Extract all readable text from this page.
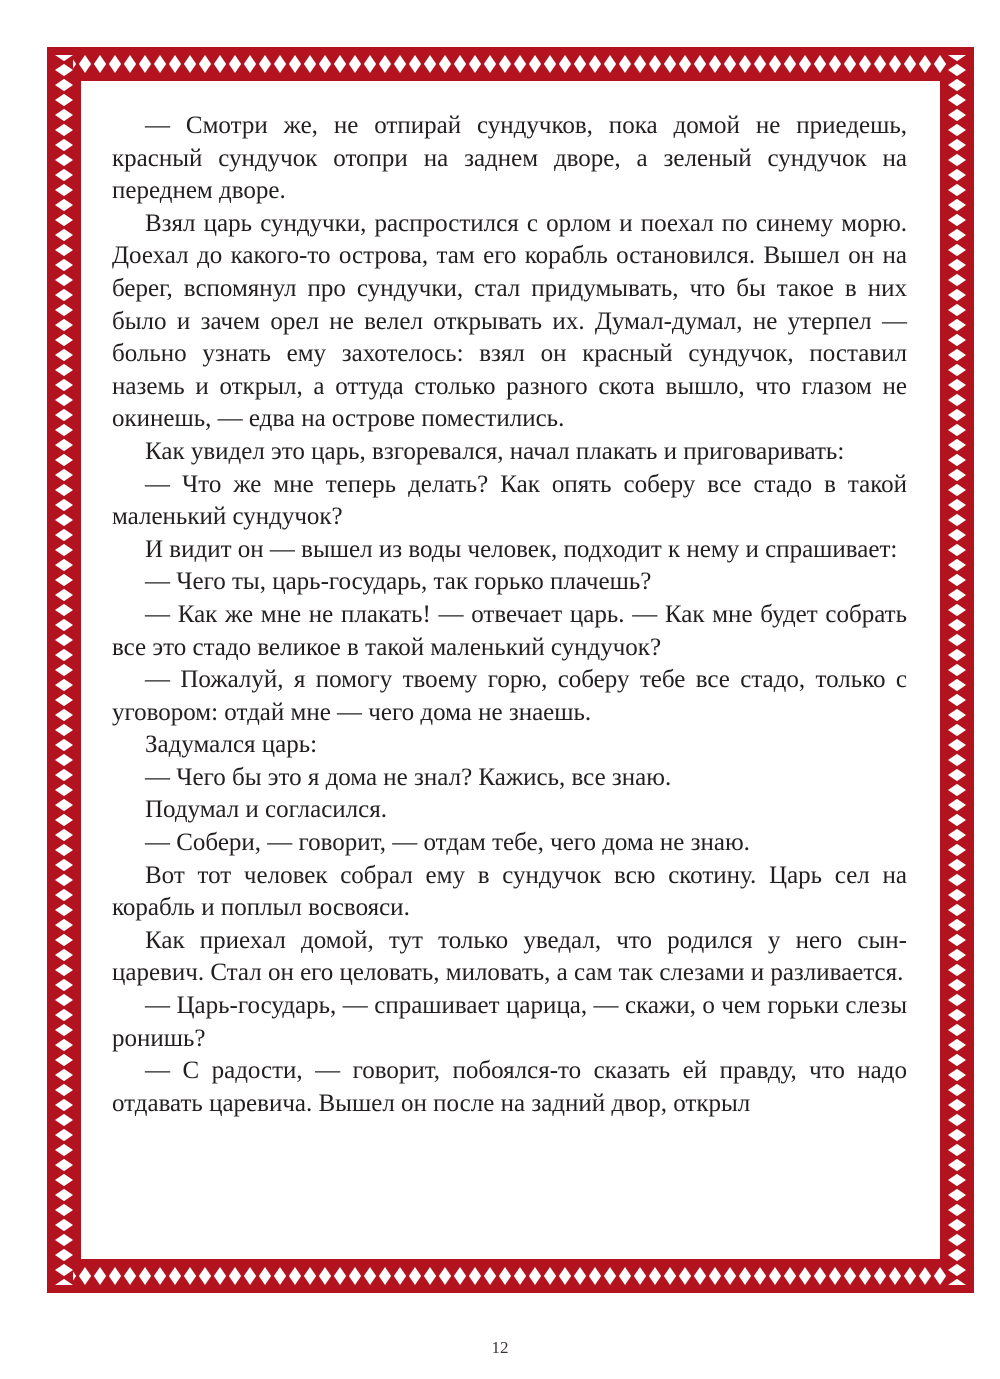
— Смотри же, не отпирай сундучков, пока домой не приедешь, красный сундучок отопри на заднем дворе, а зеленый сундучок на переднем дворе.

Взял царь сундучки, распростился с орлом и поехал по синему морю. Доехал до какого-то острова, там его корабль остановился. Вышел он на берег, вспомянул про сундучки, стал придумывать, что бы такое в них было и зачем орел не велел открывать их. Думал-думал, не утерпел — больно узнать ему захотелось: взял он красный сундучок, поставил наземь и открыл, а оттуда столько разного скота вышло, что глазом не окинешь, — едва на острове поместились.

Как увидел это царь, взгоревался, начал плакать и приговаривать:

— Что же мне теперь делать? Как опять соберу все стадо в такой маленький сундучок?

И видит он — вышел из воды человек, подходит к нему и спрашивает:

— Чего ты, царь-государь, так горько плачешь?

— Как же мне не плакать! — отвечает царь. — Как мне будет собрать все это стадо великое в такой маленький сундучок?

— Пожалуй, я помогу твоему горю, соберу тебе все стадо, только с уговором: отдай мне — чего дома не знаешь.

Задумался царь:

— Чего бы это я дома не знал? Кажись, все знаю.

Подумал и согласился.

— Собери, — говорит, — отдам тебе, чего дома не знаю.

Вот тот человек собрал ему в сундучок всю скотину. Царь сел на корабль и поплыл восвояси.

Как приехал домой, тут только уведал, что родился у него сын-царевич. Стал он его целовать, миловать, а сам так слезами и разливается.

— Царь-государь, — спрашивает царица, — скажи, о чем горьки слезы ронишь?

— С радости, — говорит, побоялся-то сказать ей правду, что надо отдавать царевича. Вышел он после на задний двор, открыл

12
